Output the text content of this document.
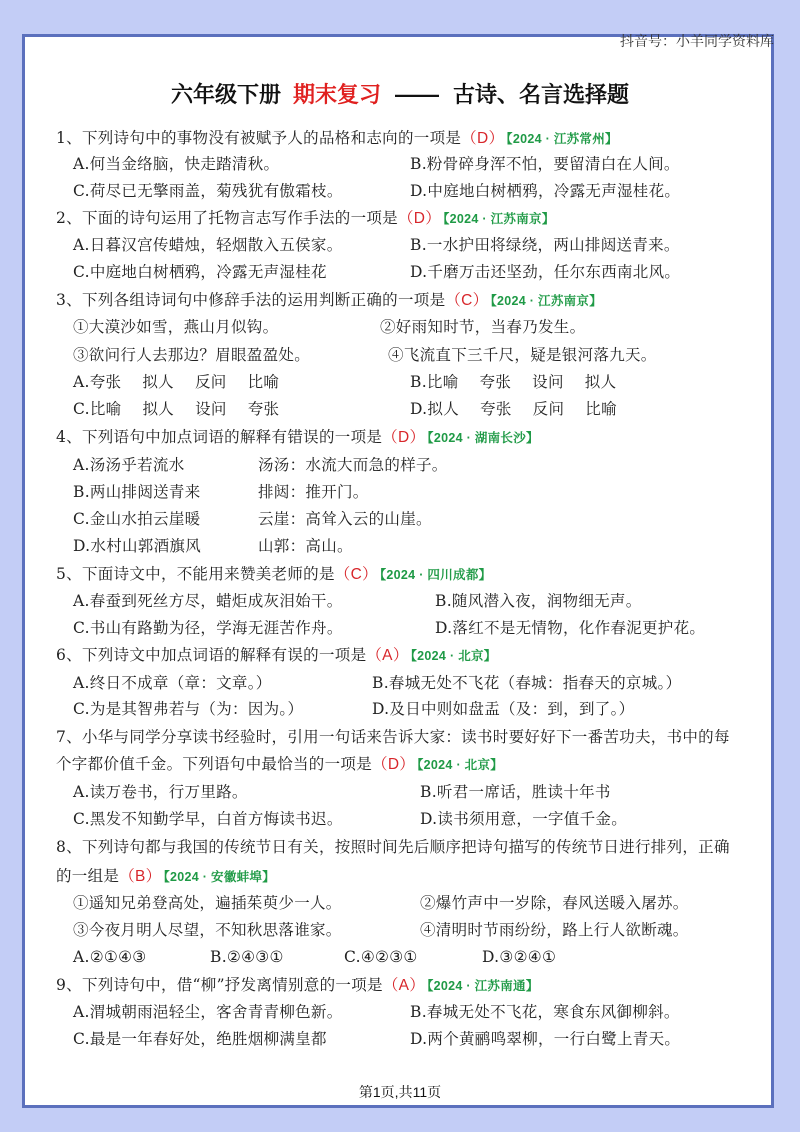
抖音号：小羊同学资料库
六年级下册 期末复习 —— 古诗、名言选择题
1、下列诗句中的事物没有被赋予人的品格和志向的一项是（D） 【2024 · 江苏常州】
A.何当金络脑，快走踏清秋。	B.粉骨碎身浑不怕，要留清白在人间。
C.荷尽已无擎雨盖，菊残犹有傲霜枝。	D.中庭地白树栖鸦，冷露无声湿桂花。
2、下面的诗句运用了托物言志写作手法的一项是（D） 【2024 · 江苏南京】
A.日暮汉宫传蜡烛，轻烟散入五侯家。	B.一水护田将绿绕，两山排闼送青来。
C.中庭地白树栖鸦，冷露无声湿桂花	D.千磨万击还坚劲，任尔东西南北风。
3、下列各组诗词句中修辞手法的运用判断正确的一项是（C） 【2024 · 江苏南京】
①大漠沙如雪，燕山月似钩。	②好雨知时节，当春乃发生。
③欲问行人去那边？眉眼盈盈处。	④飞流直下三千尺，疑是银河落九天。
A.夸张　 拟人　 反问　 比喻	B.比喻　 夸张　 设问　 拟人
C.比喻　 拟人　 设问　 夸张	D.拟人　 夸张　 反问　 比喻
4、下列语句中加点词语的解释有错误的一项是（D） 【2024 · 湖南长沙】
A.汤汤乎若流水	汤汤：水流大而急的样子。
B.两山排闼送青来	排闼：推开门。
C.金山水拍云崖暖	云崖：高耸入云的山崖。
D.水村山郭酒旗风	山郭：高山。
5、下面诗文中，不能用来赞美老师的是（C） 【2024 · 四川成都】
A.春蚕到死丝方尽，蜡炬成灰泪始干。	B.随风潜入夜，润物细无声。
C.书山有路勤为径，学海无涯苦作舟。	D.落红不是无情物，化作春泥更护花。
6、下列诗文中加点词语的解释有误的一项是（A） 【2024 · 北京】
A.终日不成章（章：文章。）	B.春城无处不飞花（春城：指春天的京城。）
C.为是其智弗若与（为：因为。）	D.及日中则如盘盂（及：到，到了。）
7、小华与同学分享读书经验时，引用一句话来告诉大家：读书时要好好下一番苦功夫，书中的每
个字都价值千金。下列语句中最恰当的一项是（D） 【2024 · 北京】
A.读万卷书，行万里路。	B.听君一席话，胜读十年书
C.黑发不知勤学早，白首方悔读书迟。	D.读书须用意，一字值千金。
8、下列诗句都与我国的传统节日有关，按照时间先后顺序把诗句描写的传统节日进行排列，正确
的一组是（B） 【2024 · 安徽蚌埠】
①遥知兄弟登高处，遍插茱萸少一人。	②爆竹声中一岁除，春风送暖入屠苏。
③今夜月明人尽望，不知秋思落谁家。	④清明时节雨纷纷，路上行人欲断魂。
A.②①④③	B.②④③①	C.④②③①	D.③②④①
9、下列诗句中，借“柳”抒发离情别意的一项是（A） 【2024 · 江苏南通】
A.渭城朝雨浥轻尘，客舍青青柳色新。	B.春城无处不飞花，寒食东风御柳斜。
C.最是一年春好处，绝胜烟柳满皇都	D.两个黄鹂鸣翠柳，一行白鹭上青天。
第1页,共11页
